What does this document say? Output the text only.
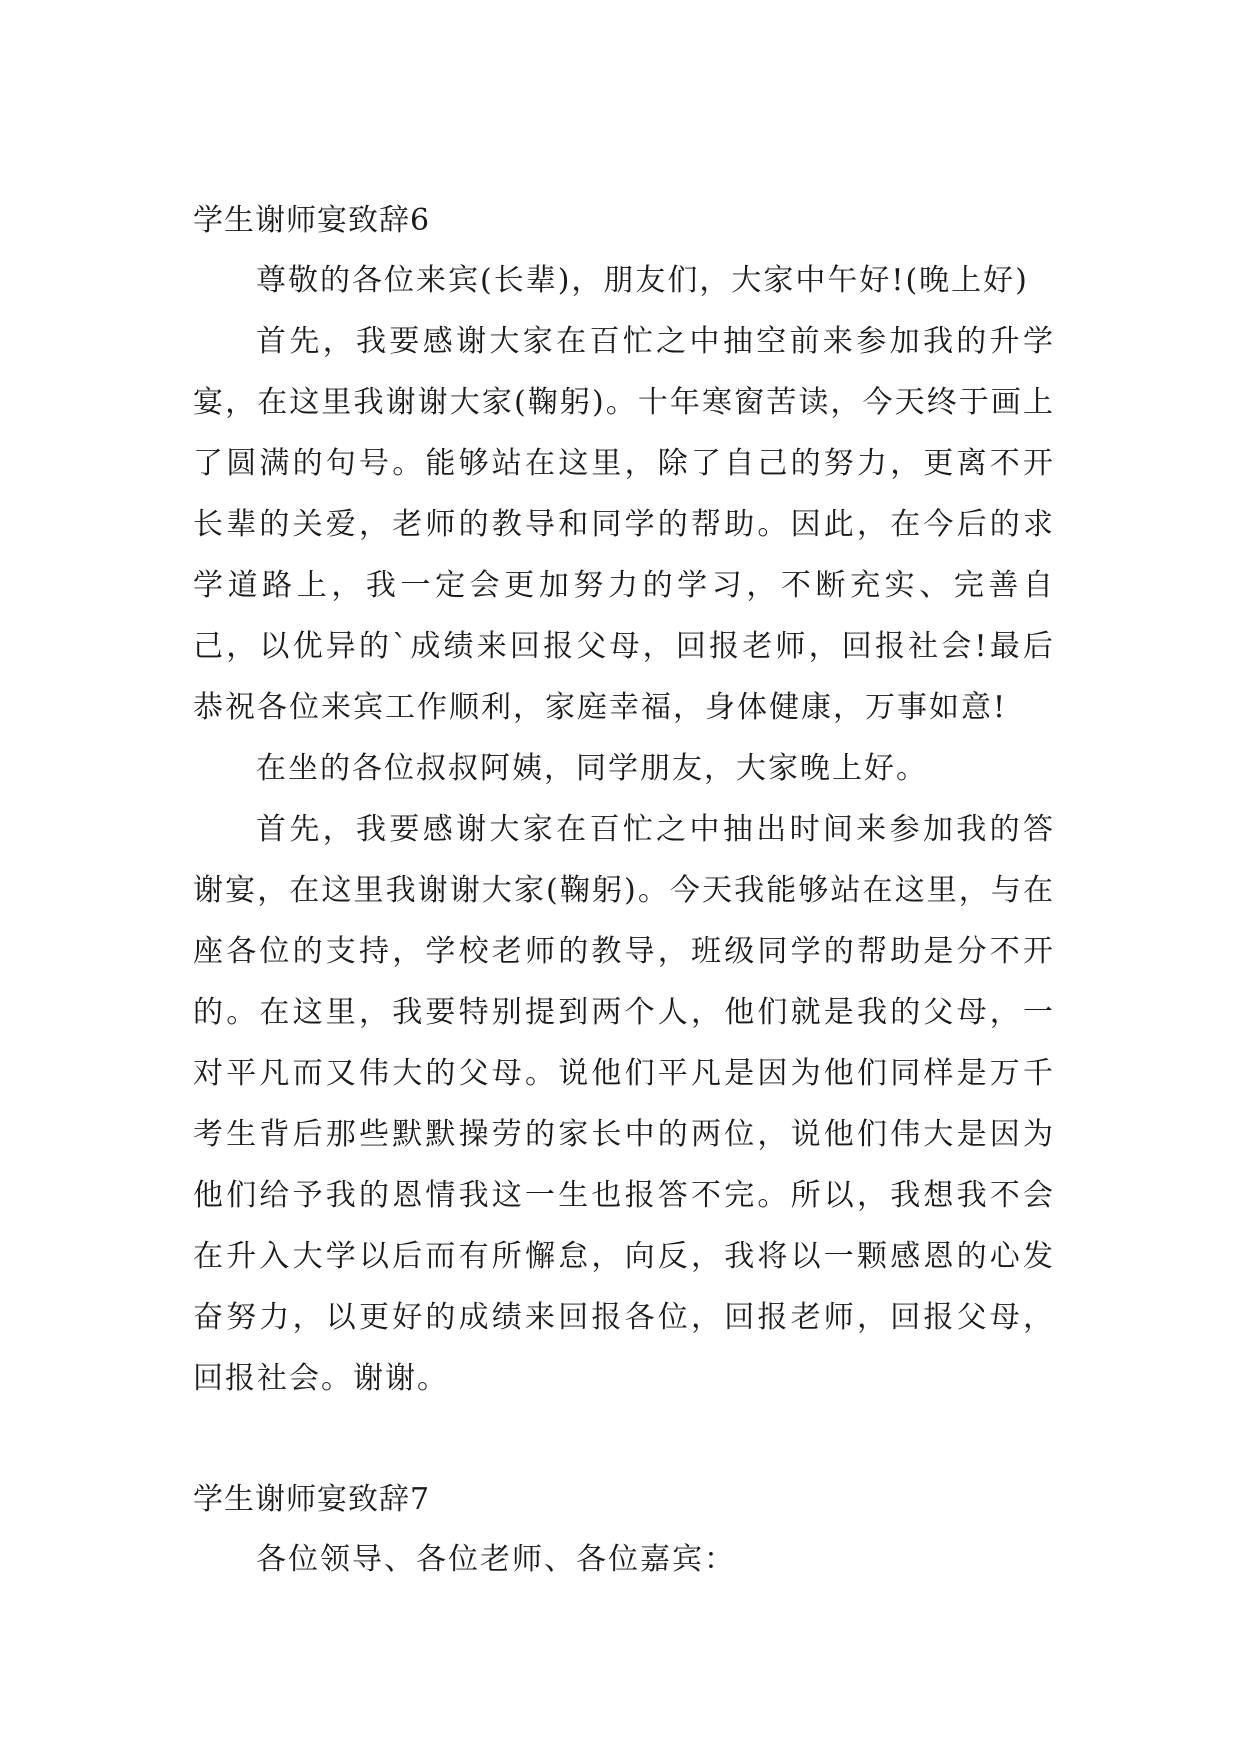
学生谢师宴致辞6

尊敬的各位来宾(长辈)，朋友们，大家中午好!(晚上好)

首先，我要感谢大家在百忙之中抽空前来参加我的升学宴，在这里我谢谢大家(鞠躬)。十年寒窗苦读，今天终于画上了圆满的句号。能够站在这里，除了自己的努力，更离不开长辈的关爱，老师的教导和同学的帮助。因此，在今后的求学道路上，我一定会更加努力的学习，不断充实、完善自己，以优异的`成绩来回报父母，回报老师，回报社会!最后恭祝各位来宾工作顺利，家庭幸福，身体健康，万事如意!

在坐的各位叔叔阿姨，同学朋友，大家晚上好。

首先，我要感谢大家在百忙之中抽出时间来参加我的答谢宴，在这里我谢谢大家(鞠躬)。今天我能够站在这里，与在座各位的支持，学校老师的教导，班级同学的帮助是分不开的。在这里，我要特别提到两个人，他们就是我的父母，一对平凡而又伟大的父母。说他们平凡是因为他们同样是万千考生背后那些默默操劳的家长中的两位，说他们伟大是因为他们给予我的恩情我这一生也报答不完。所以，我想我不会在升入大学以后而有所懈怠，向反，我将以一颗感恩的心发奋努力，以更好的成绩来回报各位，回报老师，回报父母，回报社会。谢谢。

学生谢师宴致辞7

各位领导、各位老师、各位嘉宾：
